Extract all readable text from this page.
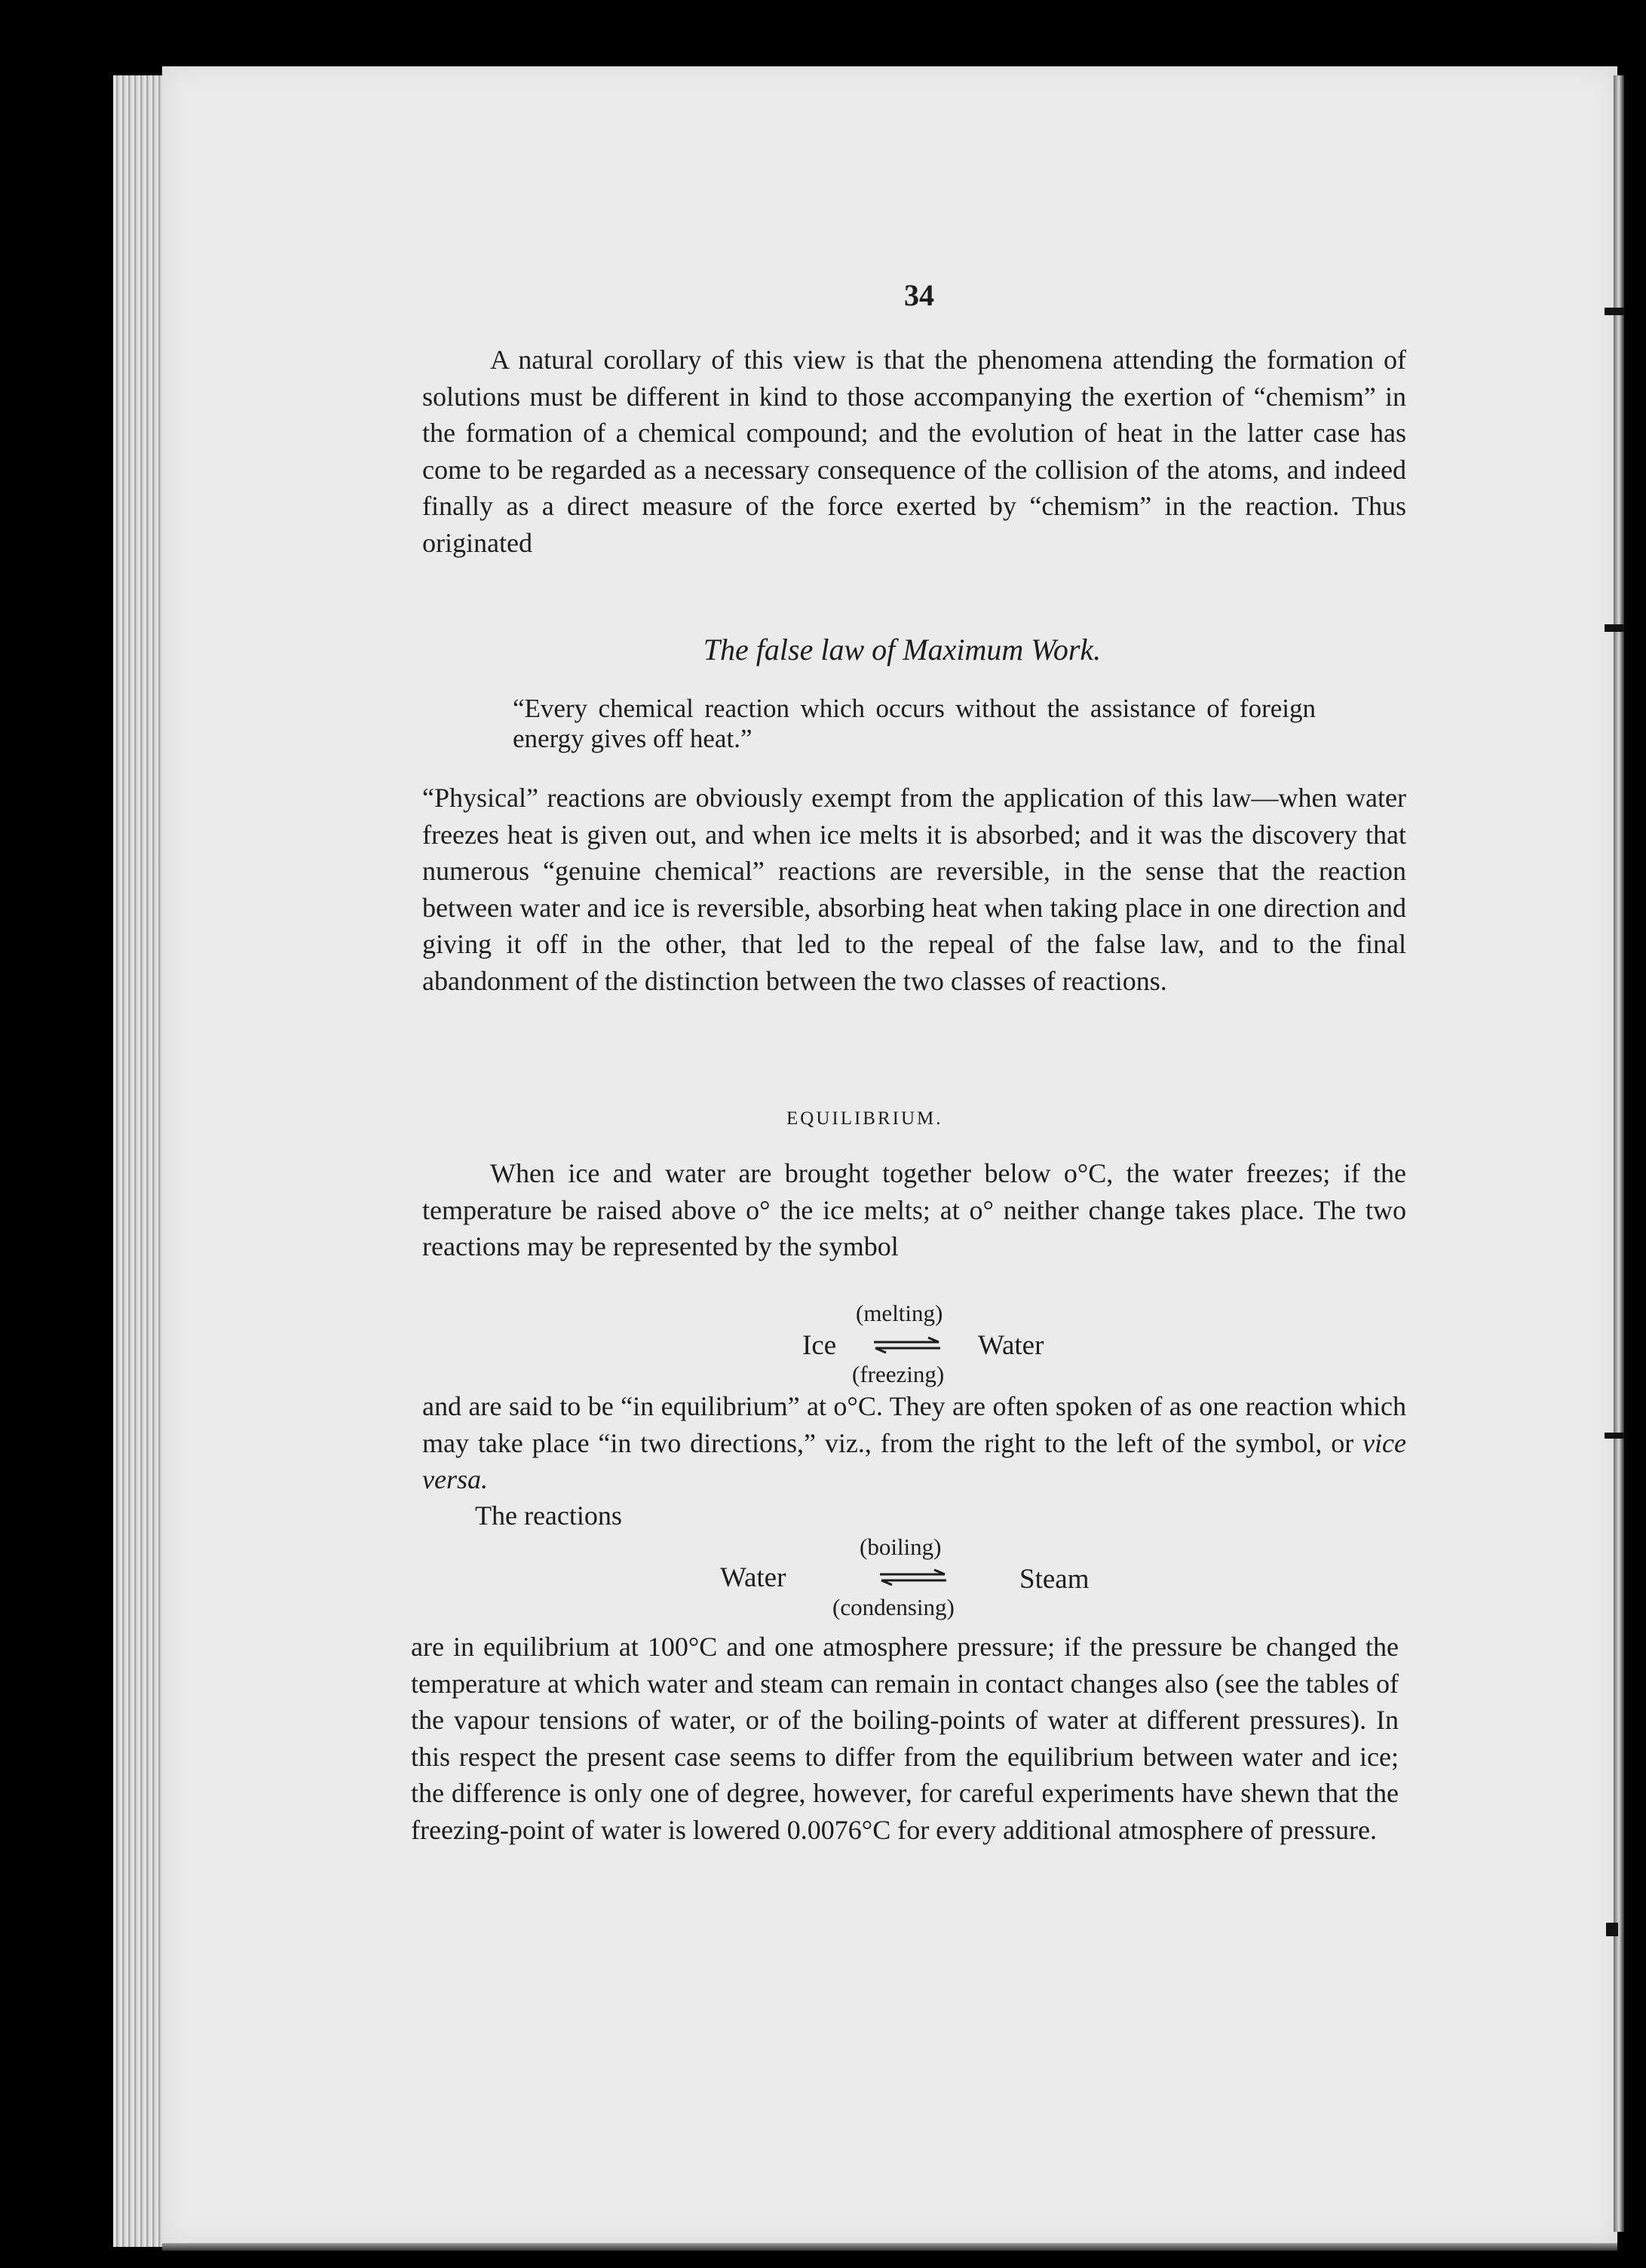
34

A natural corollary of this view is that the phenomena attending the formation of solutions must be different in kind to those accompanying the exertion of “chemism” in the formation of a chemical compound; and the evolution of heat in the latter case has come to be regarded as a necessary consequence of the collision of the atoms, and indeed finally as a direct measure of the force exerted by “chemism” in the reaction. Thus originated

The false law of Maximum Work.

“Every chemical reaction which occurs without the assistance of foreign energy gives off heat.”

“Physical” reactions are obviously exempt from the application of this law—when water freezes heat is given out, and when ice melts it is absorbed; and it was the discovery that numerous “genuine chemical” reactions are reversible, in the sense that the reaction between water and ice is reversible, absorbing heat when taking place in one direction and giving it off in the other, that led to the repeal of the false law, and to the final abandonment of the distinction between the two classes of reactions.

EQUILIBRIUM.

When ice and water are brought together below o°C, the water freezes; if the temperature be raised above o° the ice melts; at o° neither change takes place. The two reactions may be represented by the symbol

(melting)
Ice	Water
(freezing)

and are said to be “in equilibrium” at o°C. They are often spoken of as one reaction which may take place “in two directions,” viz., from the right to the left of the symbol, or vice versa.

The reactions

(boiling)
Water	Steam
(condensing)

are in equilibrium at 100°C and one atmosphere pressure; if the pressure be changed the temperature at which water and steam can remain in contact changes also (see the tables of the vapour tensions of water, or of the boiling-points of water at different pressures). In this respect the present case seems to differ from the equilibrium between water and ice; the difference is only one of degree, however, for careful experiments have shewn that the freezing-point of water is lowered 0.0076°C for every additional atmosphere of pressure.
